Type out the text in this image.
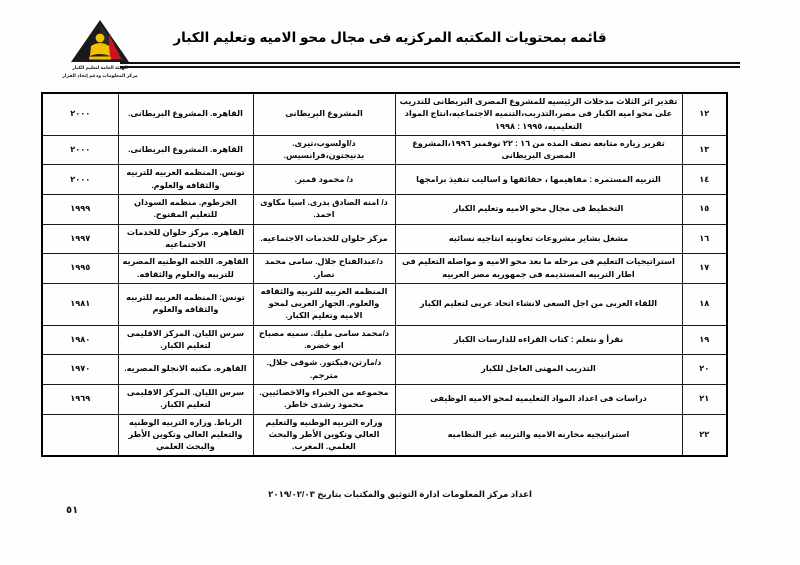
قائمه بمحتويات المكتبه المركزيه فى مجال محو الاميه وتعليم الكبار
الهيئة العامة لتعليم الكبار
مركز المعلومات ودعم إتخاذ القرار
١٢	تقدير اثر الثلاث مدخلات الرئيسيه للمشروع المصرى البريطانى للتدريب على محو اميه الكبار فى مصر،التدريب،التنميه الاجتماعيه،انتاج المواد التعليميه، ١٩٩٥ : ١٩٩٨	المشروع البريطانى	القاهره. المشروع البريطانى.	٢٠٠٠
١٣	تقرير زياره متابعه نصف المده من ١٦ : ٢٢ نوفمبر ١٩٩٦،المشروع المصرى البريطانى	د/اولسوب،تيرى. بدنيجتون،فرانسيس.	القاهره. المشروع البريطانى.	٢٠٠٠
١٤	التربيه المستمره : مفاهيمها ، حقائقها و اساليب تنفيذ برامجها	د/ محمود قمبر.	تونس. المنظمه العربيه للتربيه والثقافه والعلوم.	٢٠٠٠
١٥	التخطيط فى مجال محو الاميه وتعليم الكبار	د/ امنه الصادق بدرى. اسيا مكاوى احمد.	الخرطوم. منظمه السودان للتعليم المفتوح.	١٩٩٩
١٦	مشغل بشاير مشروعات تعاونيه انتاجيه نسائيه	مركز حلوان للخدمات الاجتماعيه.	القاهره. مركز حلوان للخدمات الاجتماعيه	١٩٩٧
١٧	استراتيجيات التعليم فى مرحله ما بعد محو الاميه و مواصله التعليم فى اطار التربيه المستديمه فى جمهوريه مصر العربيه	د/عبدالفتاح جلال. سامى محمد نصار.	القاهره. اللجنه الوطنيه المصريه للتربيه والعلوم والثقافه.	١٩٩٥
١٨	اللقاء العربى من اجل السعى لانشاء اتحاد عربى لتعليم الكبار	المنظمه العربيه للتربيه والثقافه والعلوم. الجهاز العربى لمحو الاميه وتعليم الكبار.	تونس: المنظمه العربيه للتربيه والثقافه والعلوم	١٩٨١
١٩	نقرأ و نتعلم : كتاب القراءه للدارسات الكبار	د/محمد سامى مليك. سميه مصباح ابو خضره.	سرس الليان. المركز الاقليمى لتعليم الكبار.	١٩٨٠
٢٠	التدريب المهنى العاجل للكبار	د/مارتن،فيكتور. شوقى جلال. مترجم.	القاهره. مكتبه الانجلو المصريه.	١٩٧٠
٢١	دراسات فى اعداد المواد التعليميه لمحو الاميه الوظيفى	مجموعه من الخبراء والاخصائيين. محمود رشدى خاطر.	سرس الليان. المركز الاقليمى لتعليم الكبار.	١٩٦٩
٢٢	استراتيجيه محاربه الاميه والتربيه غير النظاميه	وزاره التربيه الوطنيه والتعليم العالي وتكوين الأطر والبحث العلمي. المغرب.	الرباط. وزاره التربيه الوطنيه والتعليم العالي وتكوين الأطر والبحث العلمي	
اعداد مركز المعلومات ادارة التوثيق والمكتبات بتاريخ ٢٠١٩/٠٢/٠٣
٥١
